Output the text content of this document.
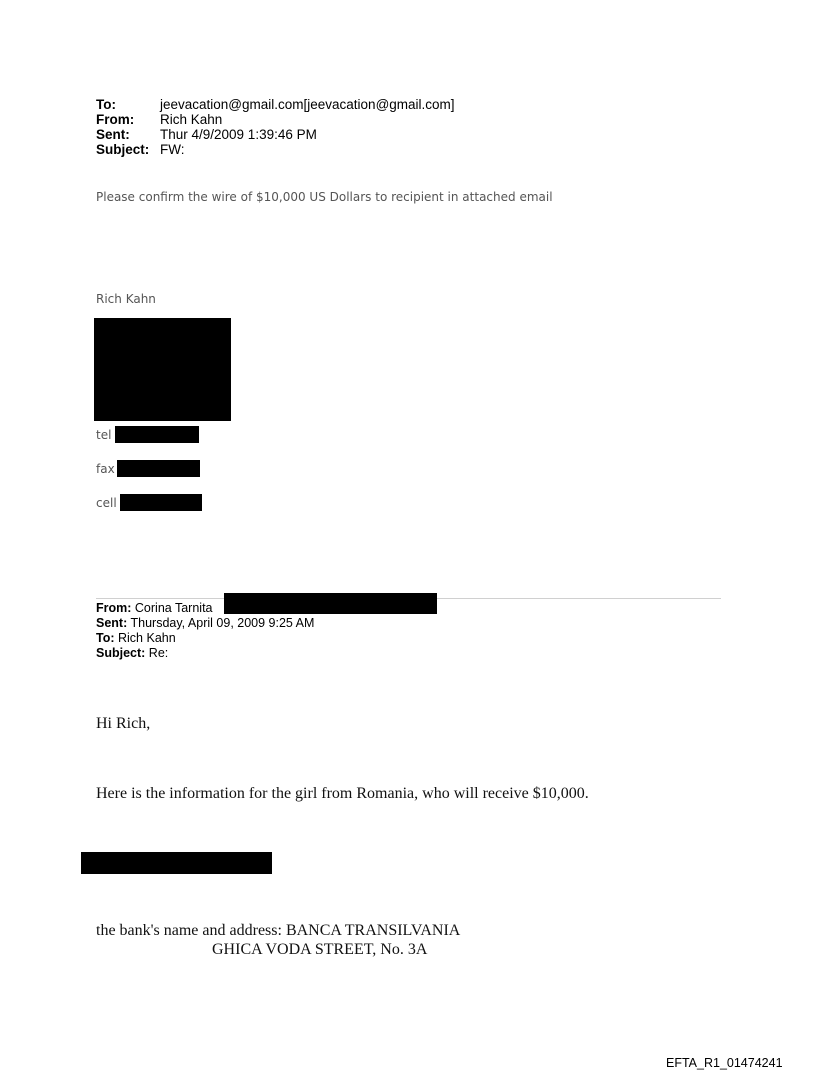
To:	jeevacation@gmail.com[jeevacation@gmail.com]
From: Rich Kahn
Sent: Thur 4/9/2009 1:39:46 PM
Subject: FW:
Please confirm the wire of $10,000 US Dollars to recipient in attached email
Rich Kahn
tel
fax
cell
From: Corina Tarnita
Sent: Thursday, April 09, 2009 9:25 AM
To: Rich Kahn
Subject: Re:
Hi Rich,
Here is the information for the girl from Romania, who will receive $10,000.
the bank's name and address: BANCA TRANSILVANIA
GHICA VODA STREET, No. 3A
EFTA_R1_01474241
